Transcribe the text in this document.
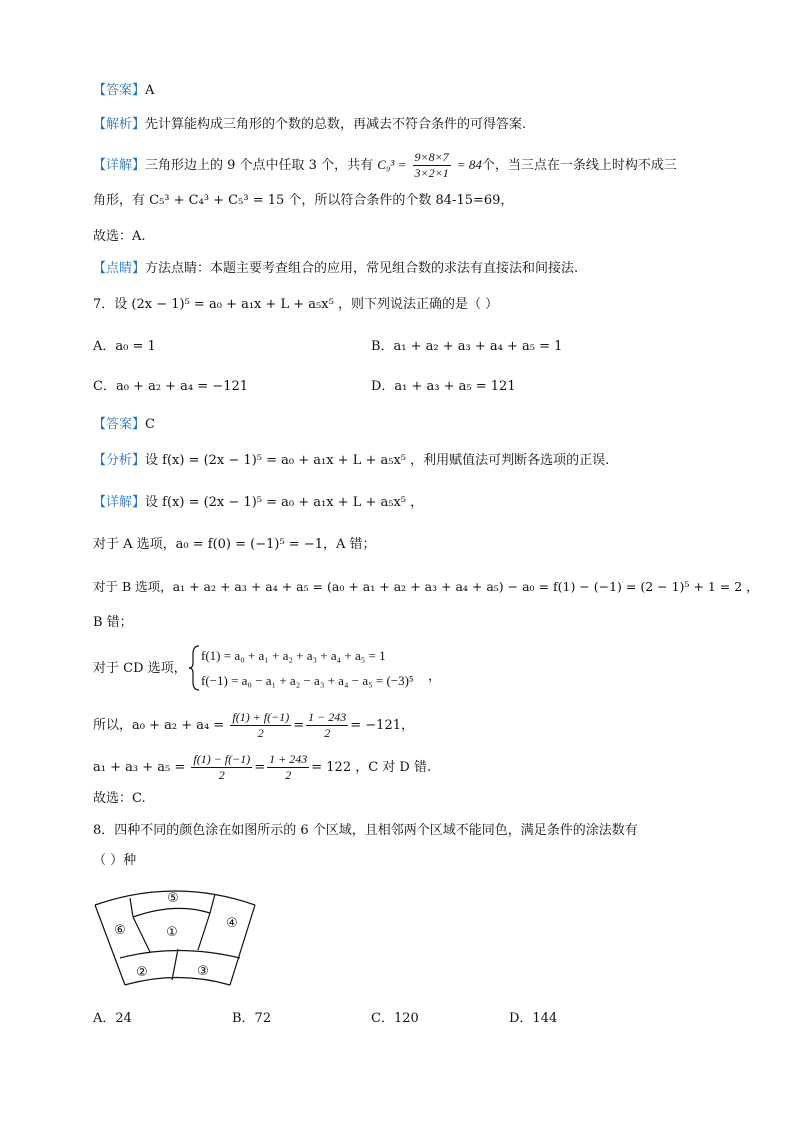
【答案】A
【解析】先计算能构成三角形的个数的总数，再减去不符合条件的可得答案.
【详解】三角形边上的 9 个点中任取 3 个，共有 $C_9^3 = \frac{9\times 8\times 7}{3\times 2\times 1} = 84$个，当三点在一条线上时构不成三
角形，有 C₅³ + C₄³ + C₅³ = 15 个，所以符合条件的个数 84-15=69，
故选：A.
【点睛】方法点睛：本题主要考查组合的应用，常见组合数的求法有直接法和间接法.
7．设 (2x − 1)⁵ = a₀ + a₁x + L + a₅x⁵ ，则下列说法正确的是（ ）
A．a₀ = 1	B．a₁ + a₂ + a₃ + a₄ + a₅ = 1
C．a₀ + a₂ + a₄ = −121	D．a₁ + a₃ + a₅ = 121
【答案】C
【分析】设 f(x) = (2x − 1)⁵ = a₀ + a₁x + L + a₅x⁵ ，利用赋值法可判断各选项的正误.
【详解】设 f(x) = (2x − 1)⁵ = a₀ + a₁x + L + a₅x⁵ ，
对于 A 选项，a₀ = f(0) = (−1)⁵ = −1，A 错；
对于 B 选项，a₁ + a₂ + a₃ + a₄ + a₅ = (a₀ + a₁ + a₂ + a₃ + a₄ + a₅) − a₀ = f(1) − (−1) = (2 − 1)⁵ + 1 = 2 ，
B 错；
对于 CD 选项，
f(1) = a₀ + a₁ + a₂ + a₃ + a₄ + a₅ = 1
f(−1) = a₀ − a₁ + a₂ − a₃ + a₄ − a₅ = (−3)⁵ ，
所以，$a_0 + a_2 + a_4 = \frac{f(1) + f(-1)}{2} = \frac{1 - 243}{2} = -121$，
$a_1 + a_3 + a_5 = \frac{f(1) - f(-1)}{2} = \frac{1 + 243}{2} = 122$ ，C 对 D 错.
故选：C.
8．四种不同的颜色涂在如图所示的 6 个区域，且相邻两个区域不能同色，满足条件的涂法数有
（ ）种
⑤
①
④
⑥
②	③
A．24	B．72	C．120	D．144
